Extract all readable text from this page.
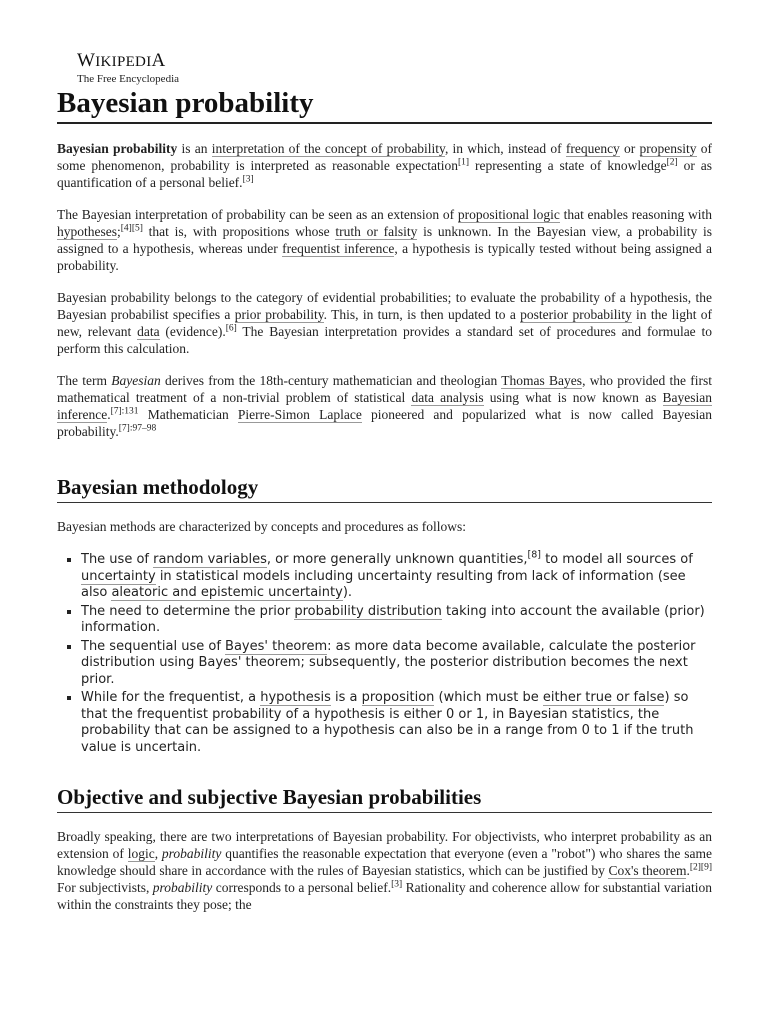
WIKIPEDIA
The Free Encyclopedia
Bayesian probability

Bayesian probability is an interpretation of the concept of probability, in which, instead of frequency or propensity of some phenomenon, probability is interpreted as reasonable expectation[1] representing a state of knowledge[2] or as quantification of a personal belief.[3]

The Bayesian interpretation of probability can be seen as an extension of propositional logic that enables reasoning with hypotheses;[4][5] that is, with propositions whose truth or falsity is unknown. In the Bayesian view, a probability is assigned to a hypothesis, whereas under frequentist inference, a hypothesis is typically tested without being assigned a probability.

Bayesian probability belongs to the category of evidential probabilities; to evaluate the probability of a hypothesis, the Bayesian probabilist specifies a prior probability. This, in turn, is then updated to a posterior probability in the light of new, relevant data (evidence).[6] The Bayesian interpretation provides a standard set of procedures and formulae to perform this calculation.

The term Bayesian derives from the 18th-century mathematician and theologian Thomas Bayes, who provided the first mathematical treatment of a non-trivial problem of statistical data analysis using what is now known as Bayesian inference.$^{[7]:131}$ Mathematician Pierre-Simon Laplace pioneered and popularized what is now called Bayesian probability.$^{[7]:97-98}$

Bayesian methodology
Bayesian methods are characterized by concepts and procedures as follows:
▪ The use of random variables, or more generally unknown quantities,[8] to model all sources of uncertainty in statistical models including uncertainty resulting from lack of information (see also aleatoric and epistemic uncertainty).
▪ The need to determine the prior probability distribution taking into account the available (prior) information.
▪ The sequential use of Bayes' theorem: as more data become available, calculate the posterior distribution using Bayes' theorem; subsequently, the posterior distribution becomes the next prior.
▪ While for the frequentist, a hypothesis is a proposition (which must be either true or false) so that the frequentist probability of a hypothesis is either 0 or 1, in Bayesian statistics, the probability that can be assigned to a hypothesis can also be in a range from 0 to 1 if the truth value is uncertain.
Objective and subjective Bayesian probabilities

Broadly speaking, there are two interpretations of Bayesian probability. For objectivists, who interpret probability as an extension of logic, probability quantifies the reasonable expectation that everyone (even a "robot") who shares the same knowledge should share in accordance with the rules of Bayesian statistics, which can be justified by Cox's theorem.[2][9] For subjectivists, probability corresponds to a personal belief.[3] Rationality and coherence allow for substantial variation within the constraints they pose; the
